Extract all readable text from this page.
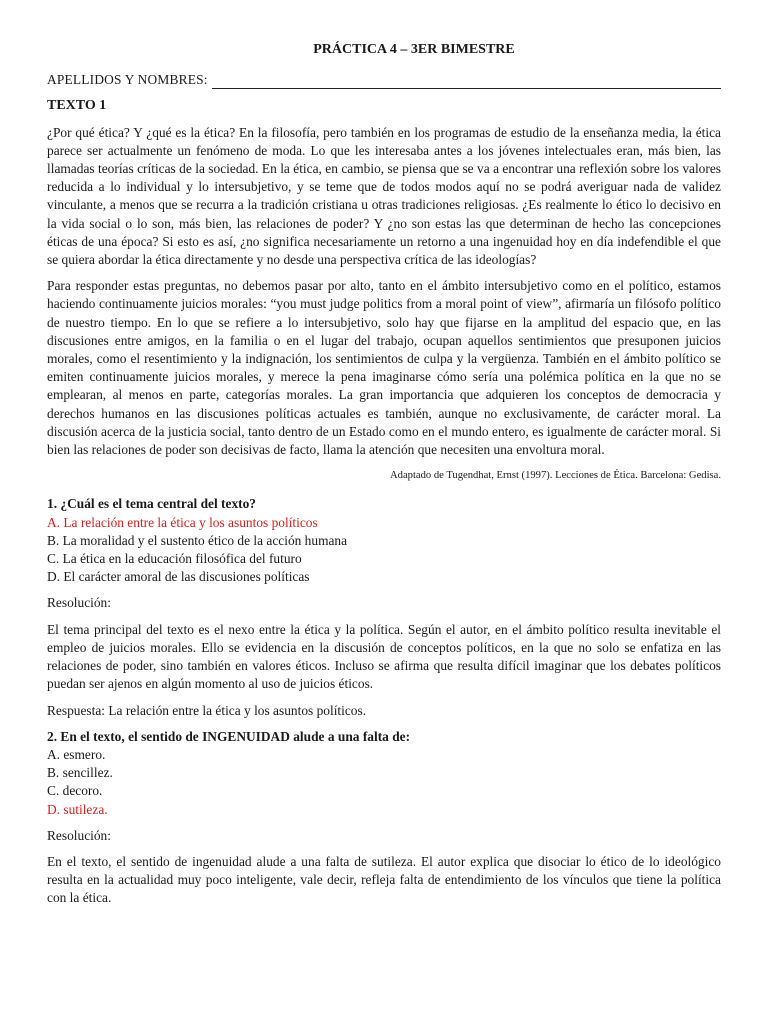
PRÁCTICA 4 – 3ER BIMESTRE
APELLIDOS Y NOMBRES:
TEXTO 1

¿Por qué ética? Y ¿qué es la ética? En la filosofía, pero también en los programas de estudio de la enseñanza media, la ética parece ser actualmente un fenómeno de moda. Lo que les interesaba antes a los jóvenes intelectuales eran, más bien, las llamadas teorías críticas de la sociedad. En la ética, en cambio, se piensa que se va a encontrar una reflexión sobre los valores reducida a lo individual y lo intersubjetivo, y se teme que de todos modos aquí no se podrá averiguar nada de validez vinculante, a menos que se recurra a la tradición cristiana u otras tradiciones religiosas. ¿Es realmente lo ético lo decisivo en la vida social o lo son, más bien, las relaciones de poder? Y ¿no son estas las que determinan de hecho las concepciones éticas de una época? Si esto es así, ¿no significa necesariamente un retorno a una ingenuidad hoy en día indefendible el que se quiera abordar la ética directamente y no desde una perspectiva crítica de las ideologías?

Para responder estas preguntas, no debemos pasar por alto, tanto en el ámbito intersubjetivo como en el político, estamos haciendo continuamente juicios morales: “you must judge politics from a moral point of view”, afirmaría un filósofo político de nuestro tiempo. En lo que se refiere a lo intersubjetivo, solo hay que fijarse en la amplitud del espacio que, en las discusiones entre amigos, en la familia o en el lugar del trabajo, ocupan aquellos sentimientos que presuponen juicios morales, como el resentimiento y la indignación, los sentimientos de culpa y la vergüenza. También en el ámbito político se emiten continuamente juicios morales, y merece la pena imaginarse cómo sería una polémica política en la que no se emplearan, al menos en parte, categorías morales. La gran importancia que adquieren los conceptos de democracia y derechos humanos en las discusiones políticas actuales es también, aunque no exclusivamente, de carácter moral. La discusión acerca de la justicia social, tanto dentro de un Estado como en el mundo entero, es igualmente de carácter moral. Si bien las relaciones de poder son decisivas de facto, llama la atención que necesiten una envoltura moral.

Adaptado de Tugendhat, Ernst (1997). Lecciones de Ética. Barcelona: Gedisa.
1. ¿Cuál es el tema central del texto?
A. La relación entre la ética y los asuntos políticos
B. La moralidad y el sustento ético de la acción humana
C. La ética en la educación filosófica del futuro
D. El carácter amoral de las discusiones políticas

Resolución:

El tema principal del texto es el nexo entre la ética y la política. Según el autor, en el ámbito político resulta inevitable el empleo de juicios morales. Ello se evidencia en la discusión de conceptos políticos, en la que no solo se enfatiza en las relaciones de poder, sino también en valores éticos. Incluso se afirma que resulta difícil imaginar que los debates políticos puedan ser ajenos en algún momento al uso de juicios éticos.

Respuesta: La relación entre la ética y los asuntos políticos.

2. En el texto, el sentido de INGENUIDAD alude a una falta de:
A. esmero.
B. sencillez.
C. decoro.
D. sutileza.

Resolución:

En el texto, el sentido de ingenuidad alude a una falta de sutileza. El autor explica que disociar lo ético de lo ideológico resulta en la actualidad muy poco inteligente, vale decir, refleja falta de entendimiento de los vínculos que tiene la política con la ética.
